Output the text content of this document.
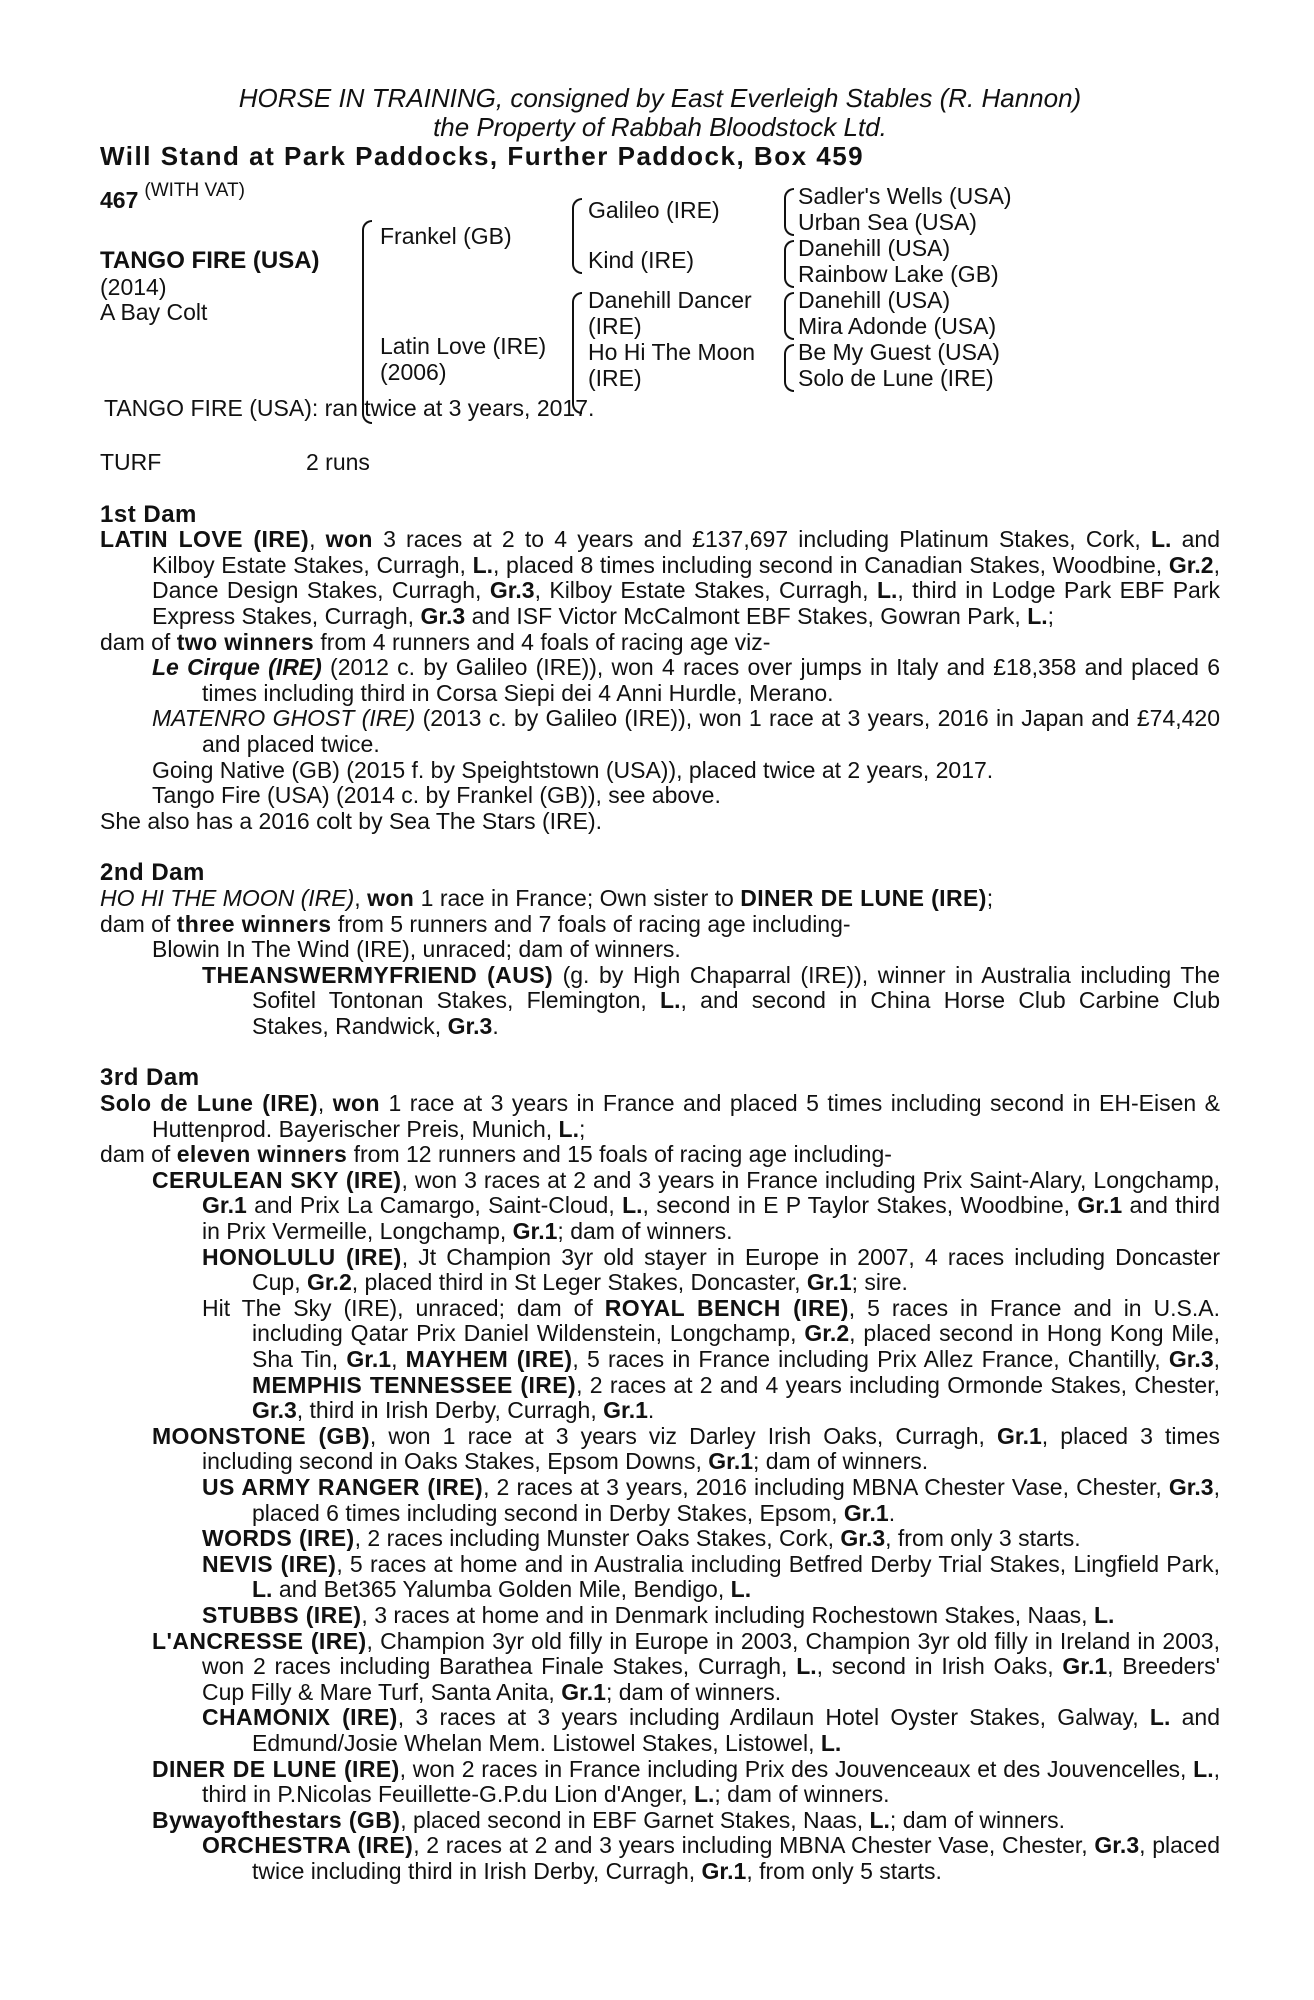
HORSE IN TRAINING, consigned by East Everleigh Stables (R. Hannon)
the Property of Rabbah Bloodstock Ltd.
Will Stand at Park Paddocks, Further Paddock, Box 459
467 $^{(WITH VAT)}$
TANGO FIRE (USA)
(2014)
A Bay Colt
Frankel (GB)
Latin Love (IRE)
(2006)
Galileo (IRE)
Kind (IRE)
Danehill Dancer
(IRE)
Ho Hi The Moon
(IRE)
Sadler's Wells (USA)
Urban Sea (USA)
Danehill (USA)
Rainbow Lake (GB)
Danehill (USA)
Mira Adonde (USA)
Be My Guest (USA)
Solo de Lune (IRE)
TANGO FIRE (USA): ran twice at 3 years, 2017.
TURF	2 runs
1st Dam

LATIN LOVE (IRE), won 3 races at 2 to 4 years and £137,697 including Platinum Stakes, Cork, L. and Kilboy Estate Stakes, Curragh, L., placed 8 times including second in Canadian Stakes, Woodbine, Gr.2, Dance Design Stakes, Curragh, Gr.3, Kilboy Estate Stakes, Curragh, L., third in Lodge Park EBF Park Express Stakes, Curragh, Gr.3 and ISF Victor McCalmont EBF Stakes, Gowran Park, L.;

dam of two winners from 4 runners and 4 foals of racing age viz-

Le Cirque (IRE) (2012 c. by Galileo (IRE)), won 4 races over jumps in Italy and £18,358 and placed 6 times including third in Corsa Siepi dei 4 Anni Hurdle, Merano.

MATENRO GHOST (IRE) (2013 c. by Galileo (IRE)), won 1 race at 3 years, 2016 in Japan and £74,420 and placed twice.

Going Native (GB) (2015 f. by Speightstown (USA)), placed twice at 2 years, 2017.

Tango Fire (USA) (2014 c. by Frankel (GB)), see above.

She also has a 2016 colt by Sea The Stars (IRE).

2nd Dam

HO HI THE MOON (IRE), won 1 race in France; Own sister to DINER DE LUNE (IRE);

dam of three winners from 5 runners and 7 foals of racing age including-

Blowin In The Wind (IRE), unraced; dam of winners.

THEANSWERMYFRIEND (AUS) (g. by High Chaparral (IRE)), winner in Australia including The Sofitel Tontonan Stakes, Flemington, L., and second in China Horse Club Carbine Club Stakes, Randwick, Gr.3.

3rd Dam

Solo de Lune (IRE), won 1 race at 3 years in France and placed 5 times including second in EH-Eisen & Huttenprod. Bayerischer Preis, Munich, L.;

dam of eleven winners from 12 runners and 15 foals of racing age including-

CERULEAN SKY (IRE), won 3 races at 2 and 3 years in France including Prix Saint-Alary, Longchamp, Gr.1 and Prix La Camargo, Saint-Cloud, L., second in E P Taylor Stakes, Woodbine, Gr.1 and third in Prix Vermeille, Longchamp, Gr.1; dam of winners.

HONOLULU (IRE), Jt Champion 3yr old stayer in Europe in 2007, 4 races including Doncaster Cup, Gr.2, placed third in St Leger Stakes, Doncaster, Gr.1; sire.

Hit The Sky (IRE), unraced; dam of ROYAL BENCH (IRE), 5 races in France and in U.S.A. including Qatar Prix Daniel Wildenstein, Longchamp, Gr.2, placed second in Hong Kong Mile, Sha Tin, Gr.1, MAYHEM (IRE), 5 races in France including Prix Allez France, Chantilly, Gr.3, MEMPHIS TENNESSEE (IRE), 2 races at 2 and 4 years including Ormonde Stakes, Chester, Gr.3, third in Irish Derby, Curragh, Gr.1.

MOONSTONE (GB), won 1 race at 3 years viz Darley Irish Oaks, Curragh, Gr.1, placed 3 times including second in Oaks Stakes, Epsom Downs, Gr.1; dam of winners.

US ARMY RANGER (IRE), 2 races at 3 years, 2016 including MBNA Chester Vase, Chester, Gr.3, placed 6 times including second in Derby Stakes, Epsom, Gr.1.

WORDS (IRE), 2 races including Munster Oaks Stakes, Cork, Gr.3, from only 3 starts.

NEVIS (IRE), 5 races at home and in Australia including Betfred Derby Trial Stakes, Lingfield Park, L. and Bet365 Yalumba Golden Mile, Bendigo, L.

STUBBS (IRE), 3 races at home and in Denmark including Rochestown Stakes, Naas, L.

L'ANCRESSE (IRE), Champion 3yr old filly in Europe in 2003, Champion 3yr old filly in Ireland in 2003, won 2 races including Barathea Finale Stakes, Curragh, L., second in Irish Oaks, Gr.1, Breeders' Cup Filly & Mare Turf, Santa Anita, Gr.1; dam of winners.

CHAMONIX (IRE), 3 races at 3 years including Ardilaun Hotel Oyster Stakes, Galway, L. and Edmund/Josie Whelan Mem. Listowel Stakes, Listowel, L.

DINER DE LUNE (IRE), won 2 races in France including Prix des Jouvenceaux et des Jouvencelles, L., third in P.Nicolas Feuillette-G.P.du Lion d'Anger, L.; dam of winners.

Bywayofthestars (GB), placed second in EBF Garnet Stakes, Naas, L.; dam of winners.

ORCHESTRA (IRE), 2 races at 2 and 3 years including MBNA Chester Vase, Chester, Gr.3, placed twice including third in Irish Derby, Curragh, Gr.1, from only 5 starts.
